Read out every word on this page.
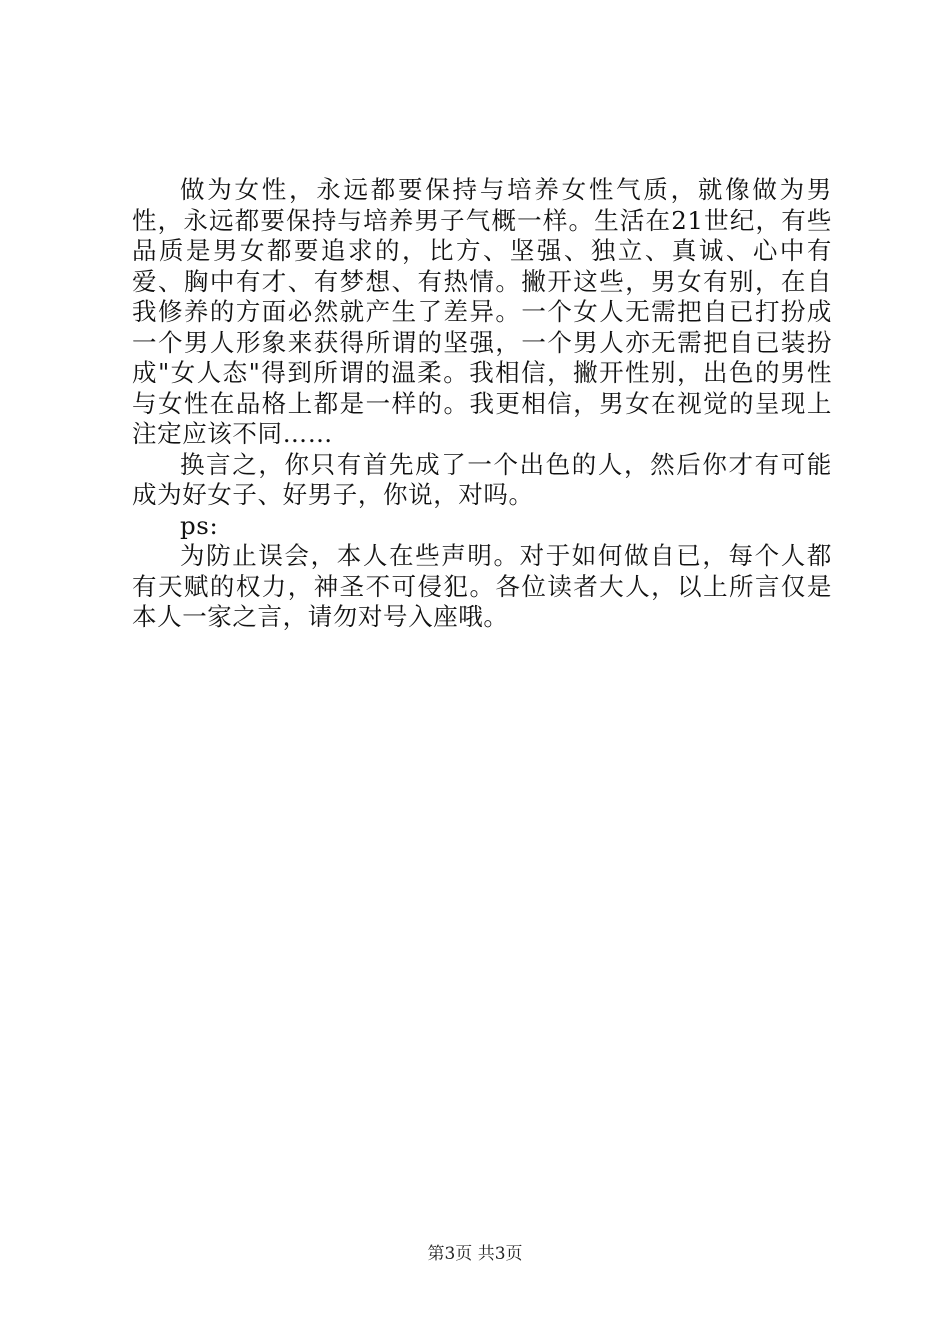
做为女性，永远都要保持与培养女性气质，就像做为男性，永远都要保持与培养男子气概一样。生活在21世纪，有些品质是男女都要追求的，比方、坚强、独立、真诚、心中有爱、胸中有才、有梦想、有热情。撇开这些，男女有别，在自我修养的方面必然就产生了差异。一个女人无需把自已打扮成一个男人形象来获得所谓的坚强，一个男人亦无需把自已装扮成"女人态"得到所谓的温柔。我相信，撇开性别，出色的男性与女性在品格上都是一样的。我更相信，男女在视觉的呈现上注定应该不同……

换言之，你只有首先成了一个出色的人，然后你才有可能成为好女子、好男子，你说，对吗。

ps:

为防止误会，本人在些声明。对于如何做自已，每个人都有天赋的权力，神圣不可侵犯。各位读者大人，以上所言仅是本人一家之言，请勿对号入座哦。

第3页 共3页
